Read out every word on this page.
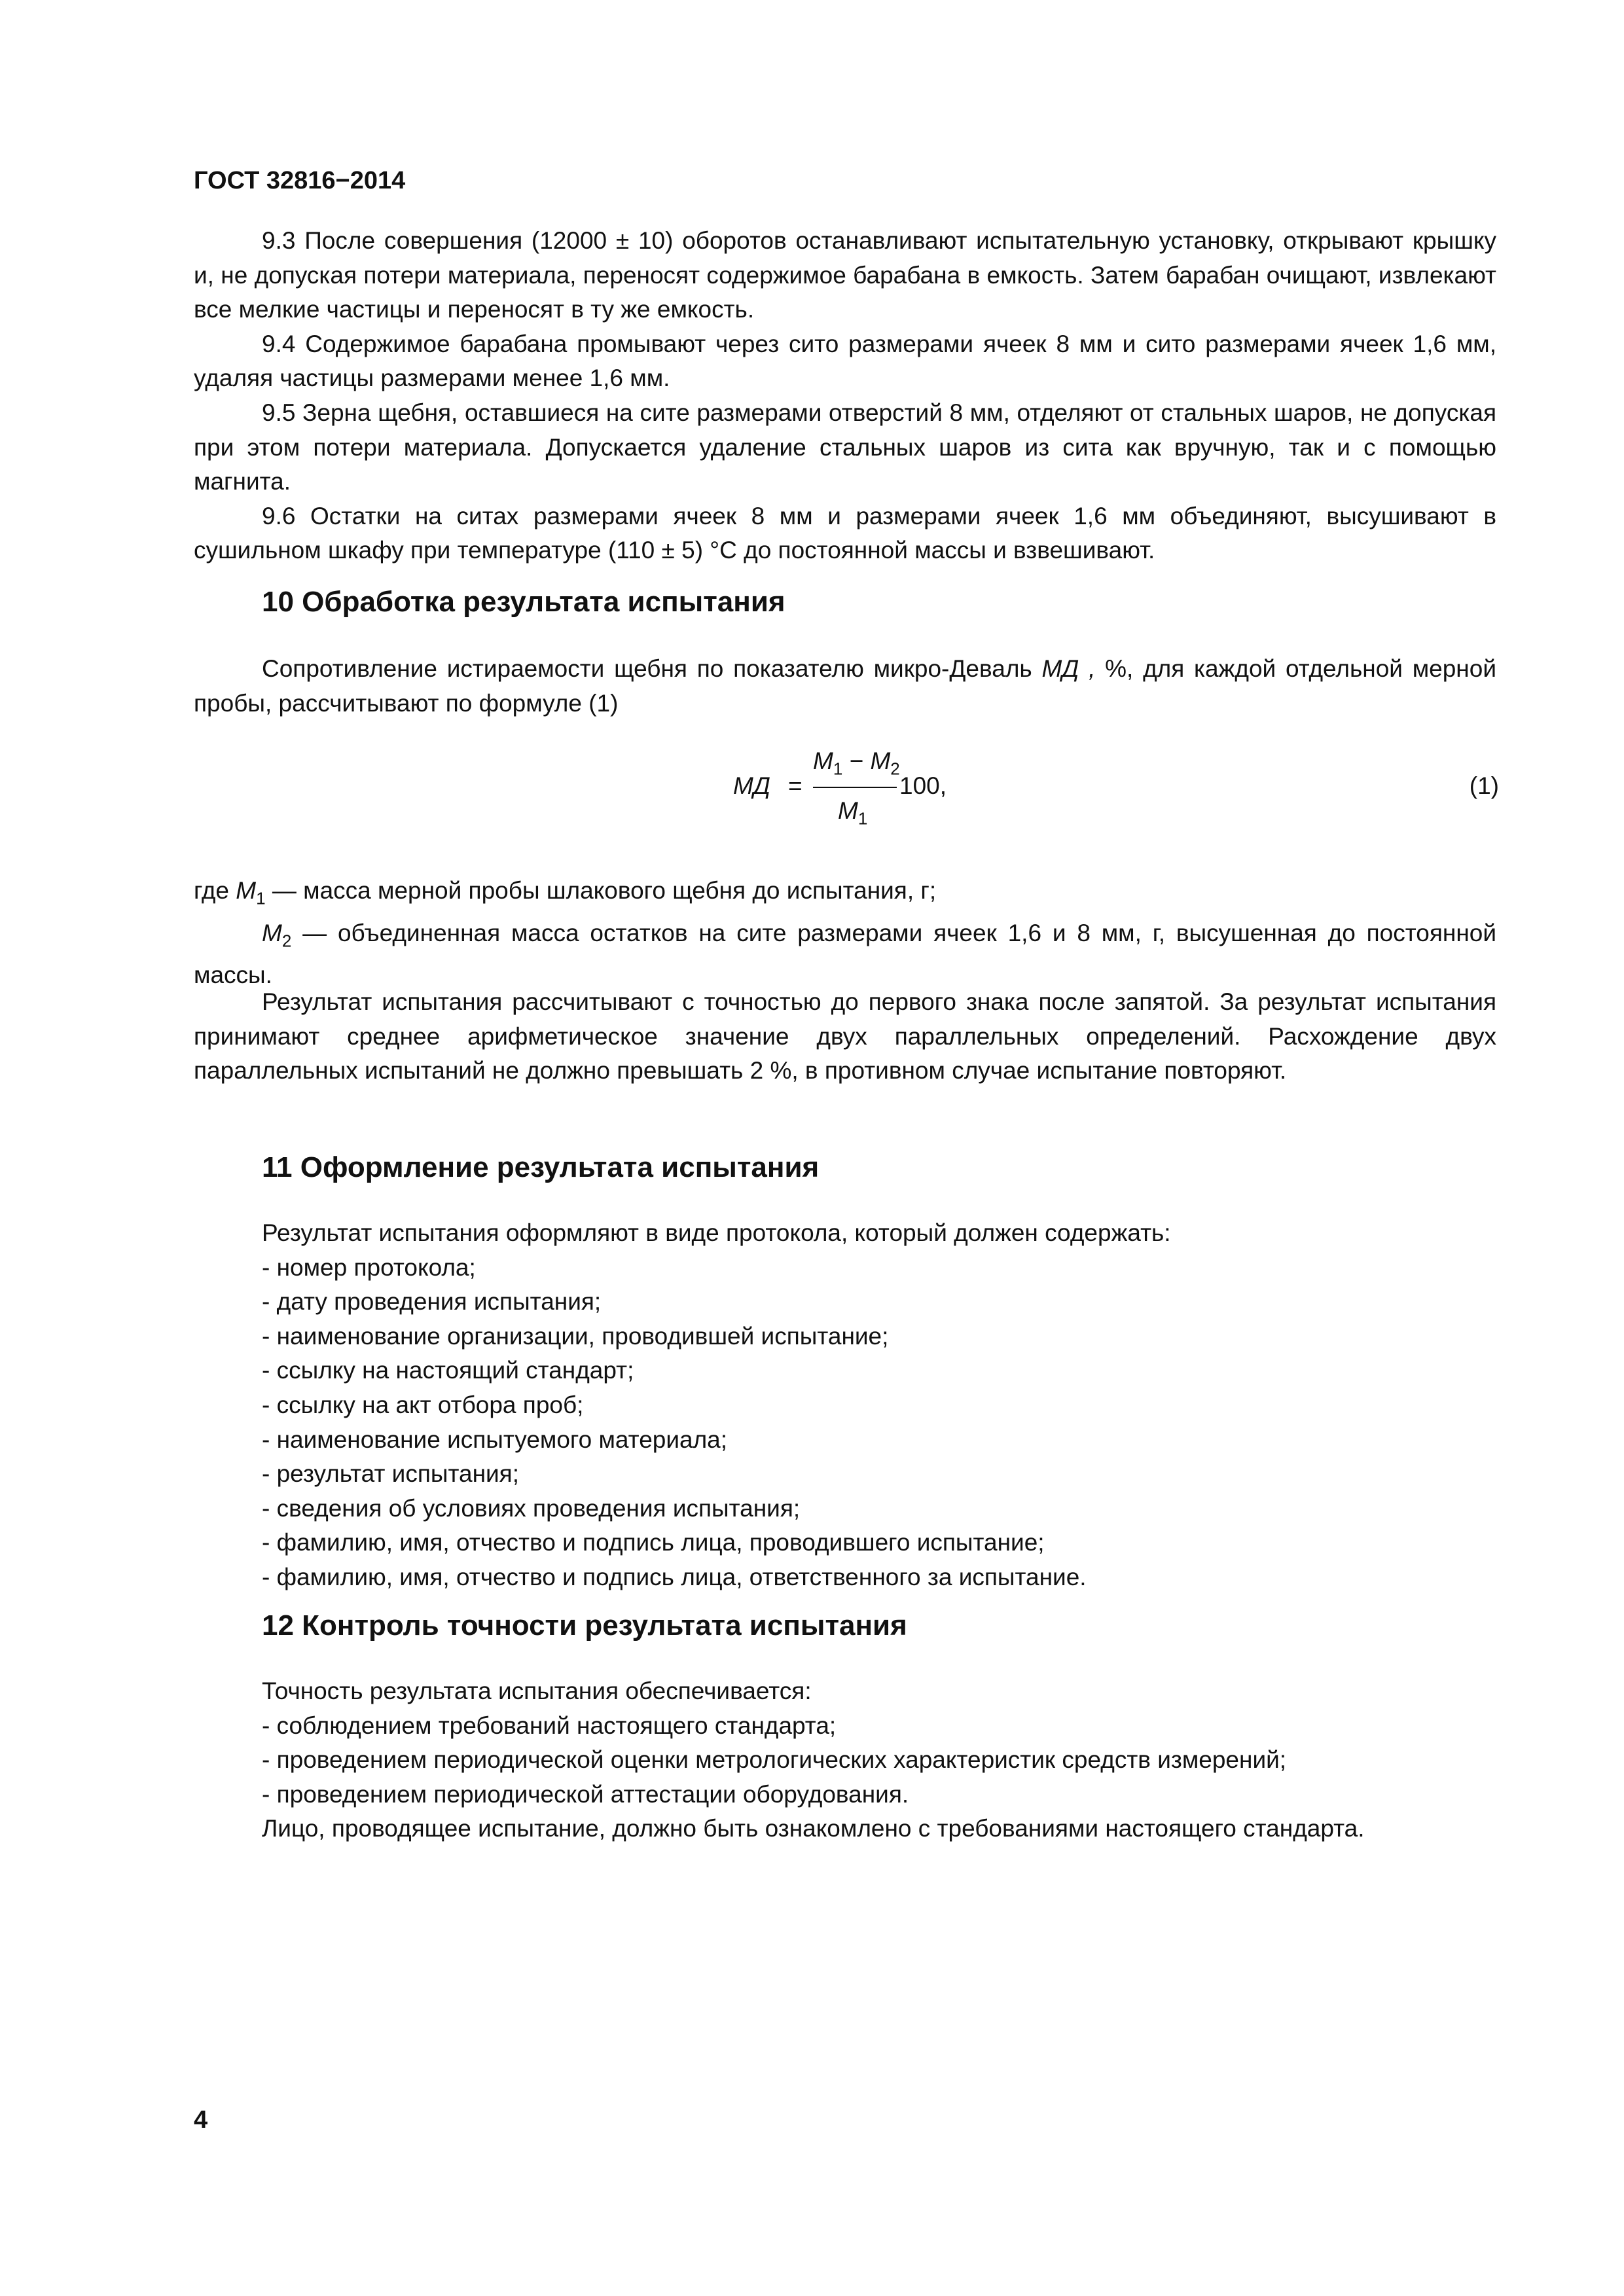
ГОСТ 32816−2014

9.3 После совершения (12000 ± 10) оборотов останавливают испытательную установку, открывают крышку и, не допуская потери материала, переносят содержимое барабана в емкость. Затем барабан очищают, извлекают все мелкие частицы и переносят в ту же емкость.

9.4 Содержимое барабана промывают через сито размерами ячеек 8 мм и сито размерами ячеек 1,6 мм, удаляя частицы размерами менее 1,6 мм.

9.5 Зерна щебня, оставшиеся на сите размерами отверстий 8 мм, отделяют от стальных шаров, не допуская при этом потери материала. Допускается удаление стальных шаров из сита как вручную, так и с помощью магнита.

9.6 Остатки на ситах размерами ячеек 8 мм и размерами ячеек 1,6 мм объединяют, высушивают в сушильном шкафу при температуре (110 ± 5) °C до постоянной массы и взвешивают.

10 Обработка результата испытания

Сопротивление истираемости щебня по показателю микро-Деваль МД , %, для каждой отдельной мерной пробы, рассчитывают по формуле (1)

МД =
$M_1 - M_2$
$M_1$
100,	(1)
где $M_1$ — масса мерной пробы шлакового щебня до испытания, г;
$M_2$ — объединенная масса остатков на сите размерами ячеек 1,6 и 8 мм, г, высушенная до постоянной массы.

Результат испытания рассчитывают с точностью до первого знака после запятой. За результат испытания принимают среднее арифметическое значение двух параллельных определений. Расхождение двух параллельных испытаний не должно превышать 2 %, в противном случае испытание повторяют.

11 Оформление результата испытания

Результат испытания оформляют в виде протокола, который должен содержать:

- номер протокола;
- дату проведения испытания;
- наименование организации, проводившей испытание;
- ссылку на настоящий стандарт;
- ссылку на акт отбора проб;
- наименование испытуемого материала;
- результат испытания;
- сведения об условиях проведения испытания;
- фамилию, имя, отчество и подпись лица, проводившего испытание;
- фамилию, имя, отчество и подпись лица, ответственного за испытание.
12 Контроль точности результата испытания

Точность результата испытания обеспечивается:

- соблюдением требований настоящего стандарта;
- проведением периодической оценки метрологических характеристик средств измерений;
- проведением периодической аттестации оборудования.

Лицо, проводящее испытание, должно быть ознакомлено с требованиями настоящего стандарта.

4
